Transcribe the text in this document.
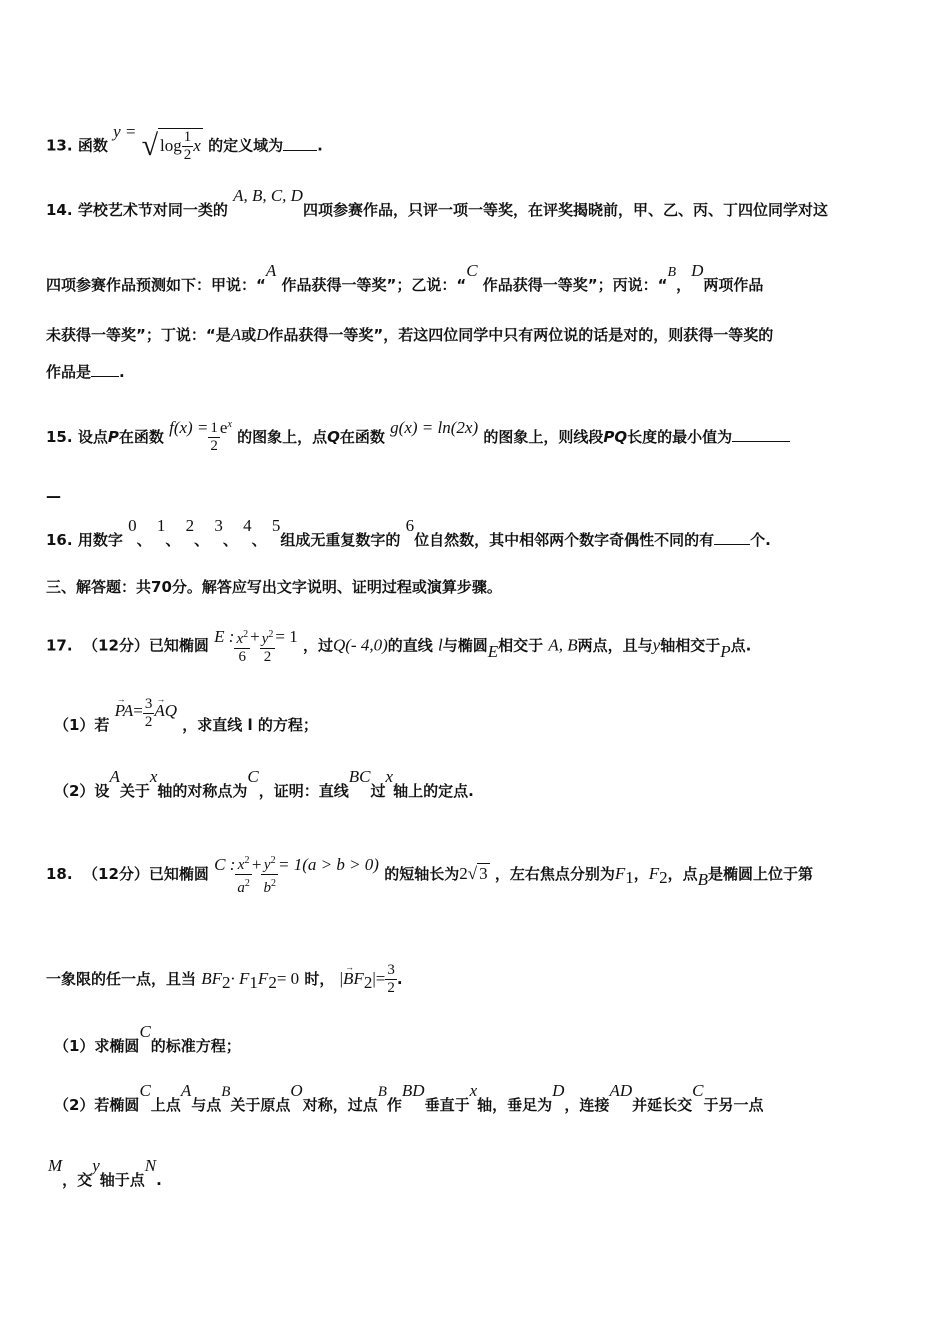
13. 函数 y = √ $\log \frac{1}{2}$ x 的定义域为 .
14. 学校艺术节对同一类的 A, B, C, D四项参赛作品，只评一项一等奖，在评奖揭晓前，甲、乙、丙、丁四位同学对这
四项参赛作品预测如下：甲说：“A 作品获得一等奖”；乙说：“C 作品获得一等奖”；丙说：“B，D两项作品
未获得一等奖”；丁说：“是A或D作品获得一等奖”，若这四位同学中只有两位说的话是对的，则获得一等奖的
作品是 .
15. 设点P在函数 $f(x) = \frac{1}{2} e^x$ 的图象上，点Q在函数 g(x) = ln(2x) 的图象上，则线段PQ长度的最小值为
—
16. 用数字 0、 1、 2、 3、 4、 5组成无重复数字的 6位自然数，其中相邻两个数字奇偶性不同的有 个.
三、解答题：共70分。解答应写出文字说明、证明过程或演算步骤。
17. （12分）已知椭圆 E : $\frac{x^2}{6} + \frac{y^2}{2} = 1$ ，过Q(- 4,0)的直线 l与椭圆E相交于 A, B两点，且与y轴相交于P点.
（1）若 → $PA= \frac{3}{2}$
→ AQ ，求直线 l 的方程；
（2）设A关于x轴的对称点为C，证明：直线BC过x轴上的定点.
18. （12分）已知椭圆 C : $\frac{x^2}{a^2} + \frac{y^2}{b^2} = 1(a > b > 0)$ 的短轴长为2√ 3 ，左右焦点分别为$F_1$，$F_2$，点B是椭圆上位于第
一象限的任一点，且当 $BF_2\cdot F_1F_2= 0$ 时， |→ $BF_2|= \frac{3}{2}$ .
（1）求椭圆C的标准方程；
（2）若椭圆C上点A与点B关于原点O对称，过点B作BD垂直于x轴，垂足为D，连接AD并延长交C于另一点
M，交y轴于点N.
